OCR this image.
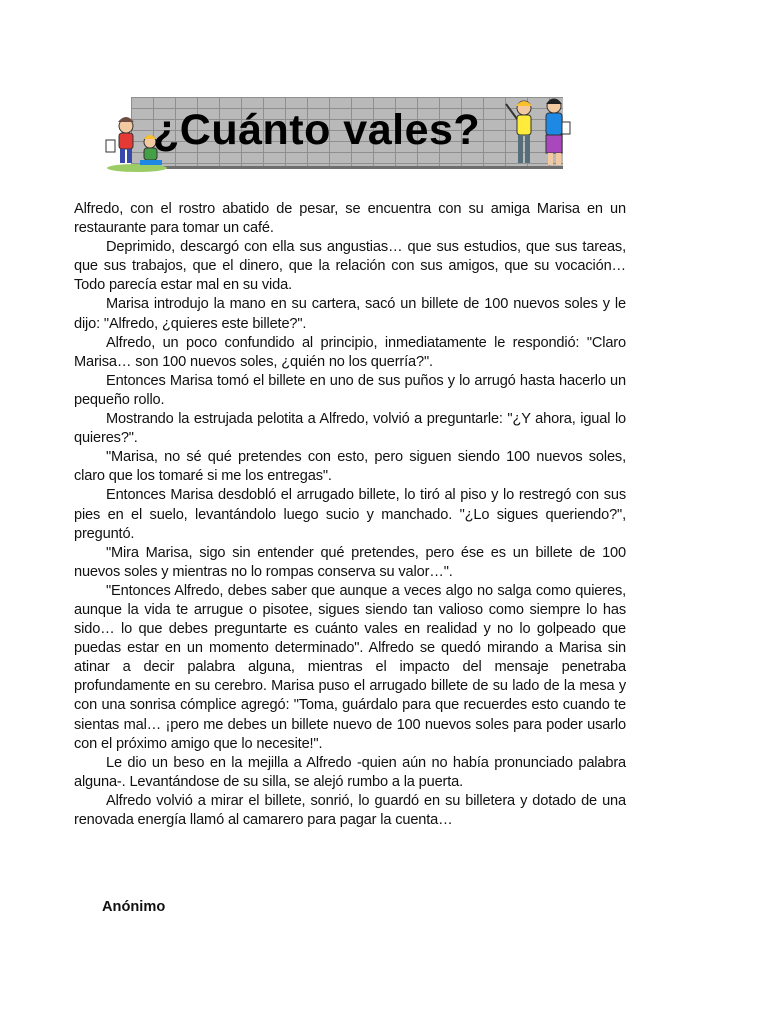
¿Cuánto vales?

Alfredo, con el rostro abatido de pesar, se encuentra con su amiga Marisa en un restaurante para tomar un café.

Deprimido, descargó con ella sus angustias… que sus estudios, que sus tareas, que sus trabajos, que el dinero, que la relación con sus amigos, que su vocación… Todo parecía estar mal en su vida.

Marisa introdujo la mano en su cartera, sacó un billete de 100 nuevos soles y le dijo: "Alfredo, ¿quieres este billete?".

Alfredo, un poco confundido al principio, inmediatamente le respondió: "Claro Marisa… son 100 nuevos soles, ¿quién no los querría?".

Entonces Marisa tomó el billete en uno de sus puños y lo arrugó hasta hacerlo un pequeño rollo.

Mostrando la estrujada pelotita a Alfredo, volvió a preguntarle: "¿Y ahora, igual lo quieres?".

"Marisa, no sé qué pretendes con esto, pero siguen siendo 100 nuevos soles, claro que los tomaré si me los entregas".

Entonces Marisa desdobló el arrugado billete, lo tiró al piso y lo restregó con sus pies en el suelo, levantándolo luego sucio y manchado. "¿Lo sigues queriendo?", preguntó.

"Mira Marisa, sigo sin entender qué pretendes, pero ése es un billete de 100 nuevos soles y mientras no lo rompas conserva su valor…".

"Entonces Alfredo, debes saber que aunque a veces algo no salga como quieres, aunque la vida te arrugue o pisotee, sigues siendo tan valioso como siempre lo has sido… lo que debes preguntarte es cuánto vales en realidad y no lo golpeado que puedas estar en un momento determinado". Alfredo se quedó mirando a Marisa sin atinar a decir palabra alguna, mientras el impacto del mensaje penetraba profundamente en su cerebro. Marisa puso el arrugado billete de su lado de la mesa y con una sonrisa cómplice agregó: "Toma, guárdalo para que recuerdes esto cuando te sientas mal… ¡pero me debes un billete nuevo de 100 nuevos soles para poder usarlo con el próximo amigo que lo necesite!".

Le dio un beso en la mejilla a Alfredo -quien aún no había pronunciado palabra alguna-. Levantándose de su silla, se alejó rumbo a la puerta.

Alfredo volvió a mirar el billete, sonrió, lo guardó en su billetera y dotado de una renovada energía llamó al camarero para pagar la cuenta…

Anónimo
